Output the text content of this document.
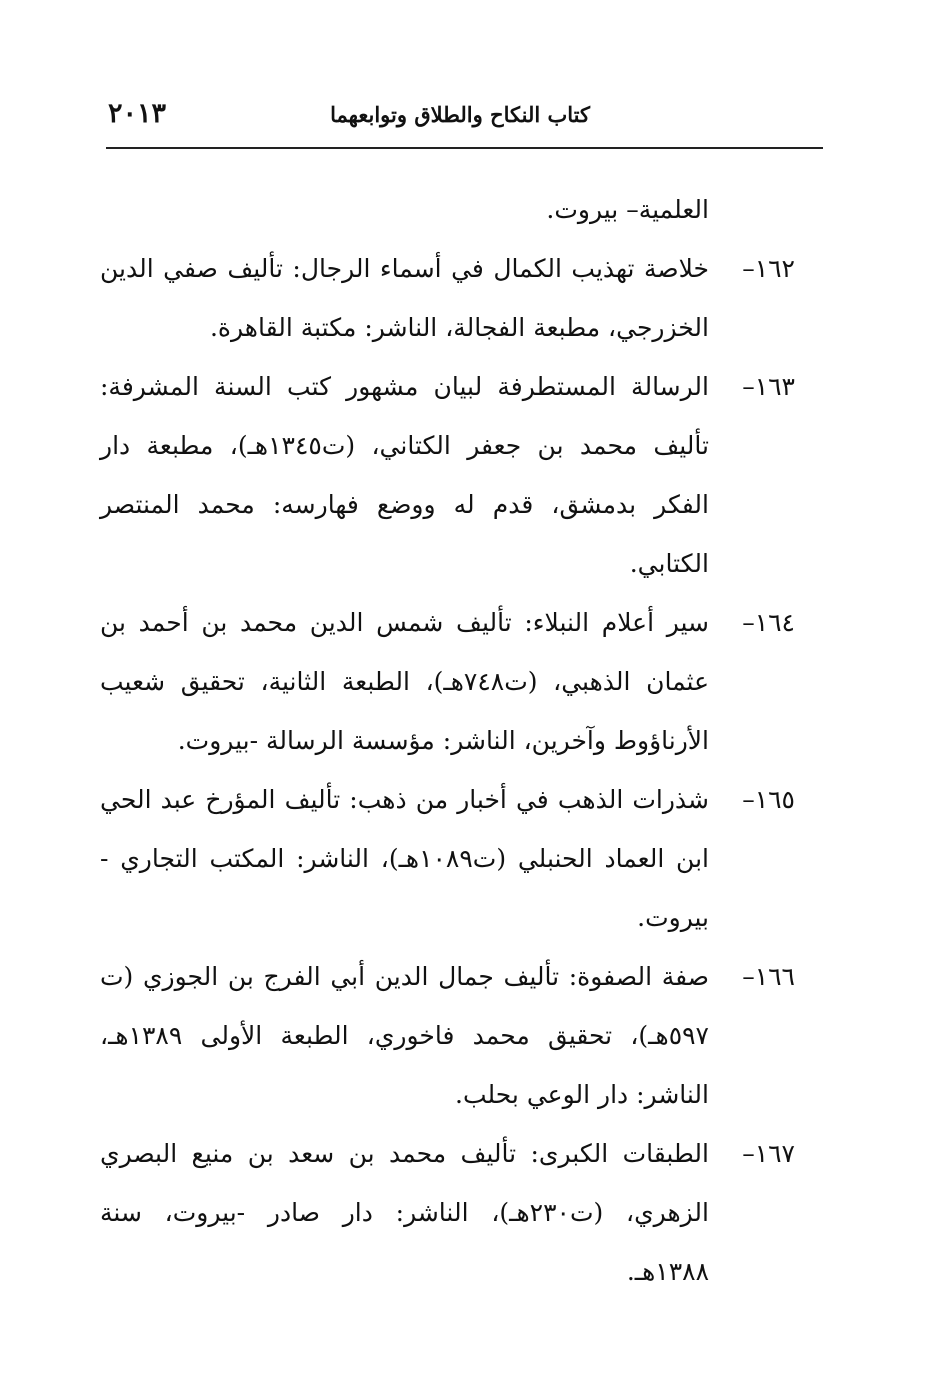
كتاب النكاح والطلاق وتوابعهما
٢٠١٣
العلمية– بيروت.
١٦٢–
خلاصة تهذيب الكمال في أسماء الرجال: تأليف صفي الدين الخزرجي، مطبعة الفجالة، الناشر: مكتبة القاهرة.
١٦٣–
الرسالة المستطرفة لبيان مشهور كتب السنة المشرفة: تأليف محمد بن جعفر الكتاني، (ت١٣٤٥هـ)، مطبعة دار الفكر بدمشق، قدم له ووضع فهارسه: محمد المنتصر الكتابي.
١٦٤–
سير أعلام النبلاء: تأليف شمس الدين محمد بن أحمد بن عثمان الذهبي، (ت٧٤٨هـ)، الطبعة الثانية، تحقيق شعيب الأرناؤوط وآخرين، الناشر: مؤسسة الرسالة -بيروت.
١٦٥–
شذرات الذهب في أخبار من ذهب: تأليف المؤرخ عبد الحي ابن العماد الحنبلي (ت١٠٨٩هـ)، الناشر: المكتب التجاري - بيروت.
١٦٦–
صفة الصفوة: تأليف جمال الدين أبي الفرج بن الجوزي (ت ٥٩٧هـ)، تحقيق محمد فاخوري، الطبعة الأولى ١٣٨٩هـ، الناشر: دار الوعي بحلب.
١٦٧–
الطبقات الكبرى: تأليف محمد بن سعد بن منيع البصري الزهري، (ت٢٣٠هـ)، الناشر: دار صادر -بيروت، سنة ١٣٨٨هـ.
